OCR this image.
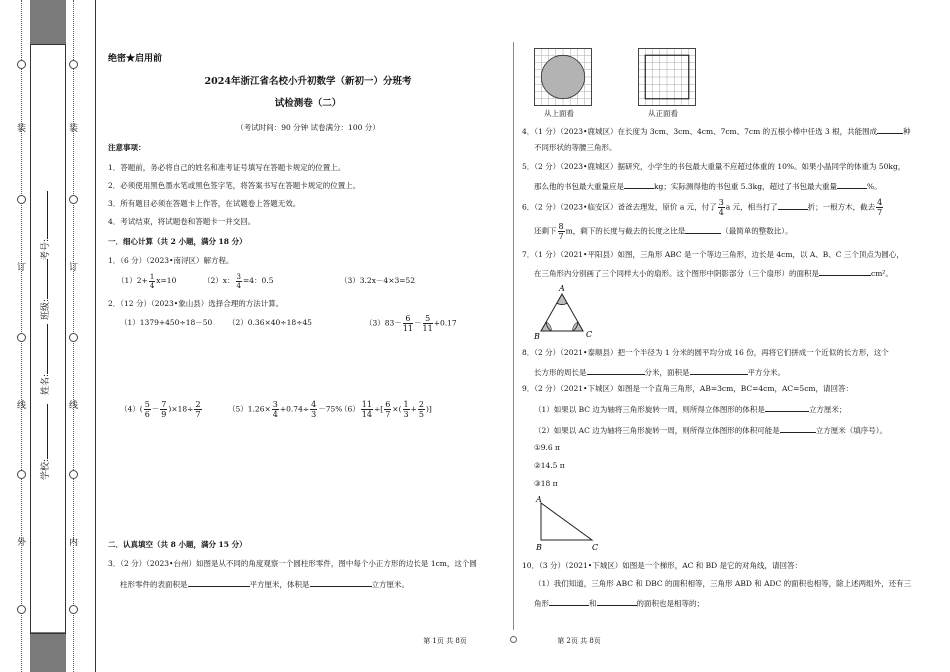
装
订
线
外
装
订
线
内
学校:
姓名:
班级:
考号:
绝密★启用前
2024年浙江省名校小升初数学（新初一）分班考
试检测卷（二）
（考试时间：90 分钟 试卷满分：100 分）
注意事项：
1．答题前，务必将自己的姓名和准考证号填写在答题卡规定的位置上。
2．必须使用黑色墨水笔或黑色签字笔，将答案书写在答题卡规定的位置上。
3．所有题目必须在答题卡上作答，在试题卷上答题无效。
4．考试结束，将试题卷和答题卡一并交回。
一．细心计算（共 2 小题，满分 18 分）
1．（6 分）（2023•南浔区）解方程。
$(1)2+ \frac{1}{4} x=10$	（2）x： $\frac{3}{4} =4$：0.5	（3）3.2x－4×3=52
2．（12 分）（2023•象山县）选择合理的方法计算。
（1）1379+450÷18－50 （2）0.36×40÷18÷45	$(3)83- \frac{6}{11} - \frac{5}{11} +0.17$
$(4)( \frac{5}{6} - \frac{7}{9} )\times 18\div \frac{2}{7}$	$(5)1.26\times \frac{3}{4} +0.74\div \frac{4}{3} -75\%$
$(6) \frac{11}{14}$ ÷[ $\frac{6}{7}$ ×( $\frac{1}{3} + \frac{2}{5}$ )]
二．认真填空（共 8 小题，满分 15 分）
3．（2 分）（2023•台州）如图是从不同的角度观察一个圆柱形零件，图中每个小正方形的边长是 1cm，这个圆
柱形零件的表面积是	平方厘米，体积是	立方厘米。
第 1页 共 8页
从上面看	从正面看
4．（1 分）（2023•鹿城区）在长度为 3cm、3cm、4cm、7cm、7cm 的五根小棒中任选 3 根，共能围成	种
不同形状的等腰三角形。
5．（2 分）（2023•鹿城区）据研究，小学生的书包最大重量不应超过体重的 10%。如果小晶同学的体重为 50kg，
那么他的书包最大重量应是	kg；实际测得他的书包重 5.3kg，超过了书包最大重量	%。
6．（2 分）（2023•临安区）爸爸去理发，原价 a 元，付了 $\frac{3}{4}$ a 元，相当打了	折；一根方木，截去 $\frac{4}{7}$
还剩下 $\frac{8}{7}$ m，剩下的长度与截去的长度之比是	（最简单的整数比）。
7．（1 分）（2021•平阳县）如图，三角形 ABC 是一个等边三角形，边长是 4cm，以 A、B、C 三个顶点为圆心，
在三角形内分别画了三个同样大小的扇形。这个图形中阴影部分（三个扇形）的面积是	cm²。
A
B	C
8．（2 分）（2021•泰顺县）把一个半径为 1 分米的圆平均分成 16 份，再将它们拼成一个近似的长方形，这个
长方形的周长是	分米，面积是	平方分米。
9．（2 分）（2021•下城区）如图是一个直角三角形，AB=3cm，BC=4cm，AC=5cm，请回答：
（1）如果以 BC 边为轴将三角形旋转一周，则所得立体图形的体积是	立方厘米；
（2）如果以 AC 边为轴将三角形旋转一周，则所得立体图形的体积可能是	立方厘米（填序号）。
①9.6 π
②14.5 π
③18 π
A
B	C
10．（3 分）（2021•下城区）如图是一个梯形，AC 和 BD 是它的对角线，请回答：
（1）我们知道，三角形 ABC 和 DBC 的面积相等，三角形 ABD 和 ADC 的面积也相等，除上述两组外，还有三
角形	和	的面积也是相等的；
第 2页 共 8页
